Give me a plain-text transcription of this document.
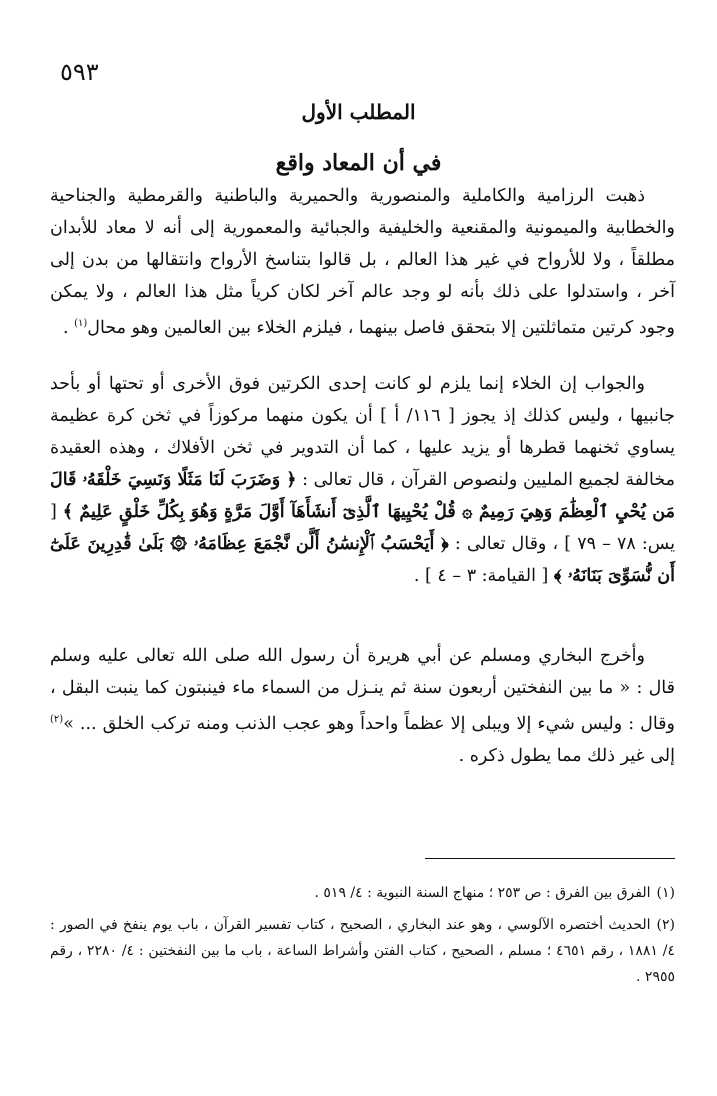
٥٩٣
المطلب الأول
في أن المعاد واقع

ذهبت الرزامية والكاملية والمنصورية والحميرية والباطنية والقرمطية والجناحية والخطابية والميمونية والمقنعية والخليفية والجبائية والمعمورية إلى أنه لا معاد للأبدان مطلقاً ، ولا للأرواح في غير هذا العالم ، بل قالوا بتناسخ الأرواح وانتقالها من بدن إلى آخر ، واستدلوا على ذلك بأنه لو وجد عالم آخر لكان كرياً مثل هذا العالم ، ولا يمكن وجود كرتين متماثلتين إلا بتحقق فاصل بينهما ، فيلزم الخلاء بين العالمين وهو محال$^{(١)}$ .

والجواب إن الخلاء إنما يلزم لو كانت إحدى الكرتين فوق الأخرى أو تحتها أو بأحد جانبيها ، وليس كذلك إذ يجوز [ ١١٦/ أ ] أن يكون منهما مركوزاً في ثخن كرة عظيمة يساوي ثخنهما قطرها أو يزيد عليها ، كما أن التدوير في ثخن الأفلاك ، وهذه العقيدة مخالفة لجميع المليين ولنصوص القرآن ، قال تعالى : ﴿ وَضَرَبَ لَنَا مَثَلًا وَنَسِيَ خَلْقَهُۥ قَالَ مَن يُحْيِ ٱلْعِظَٰمَ وَهِيَ رَمِيمٌ ۞ قُلْ يُحْيِيهَا ٱلَّذِىٓ أَنشَأَهَآ أَوَّلَ مَرَّةٍ وَهُوَ بِكُلِّ خَلْقٍ عَلِيمٌ ﴾ [ يس: ٧٨ – ٧٩ ] ، وقال تعالى : ﴿ أَيَحْسَبُ ٱلْإِنسَٰنُ أَلَّن نَّجْمَعَ عِظَامَهُۥ ۞ بَلَىٰ قَٰدِرِينَ عَلَىٰٓ أَن نُّسَوِّىَ بَنَانَهُۥ ﴾ [ القيامة: ٣ – ٤ ] .

وأخرج البخاري ومسلم عن أبي هريرة أن رسول الله صلى الله تعالى عليه وسلم قال : « ما بين النفختين أربعون سنة ثم ينـزل من السماء ماء فينبتون كما ينبت البقل ، وقال : وليس شيء إلا ويبلى إلا عظماً واحداً وهو عجب الذنب ومنه تركب الخلق ... »$^{(٢)}$ إلى غير ذلك مما يطول ذكره .

(١)الفرق بين الفرق : ص ٢٥٣ ؛ منهاج السنة النبوية : ٤/ ٥١٩ .

(٢)الحديث أختصره الآلوسي ، وهو عند البخاري ، الصحيح ، كتاب تفسير القرآن ، باب يوم ينفخ في الصور : ٤/ ١٨٨١ ، رقم ٤٦٥١ ؛ مسلم ، الصحيح ، كتاب الفتن وأشراط الساعة ، باب ما بين النفختين : ٤/ ٢٢٨٠ ، رقم ٢٩٥٥ .
